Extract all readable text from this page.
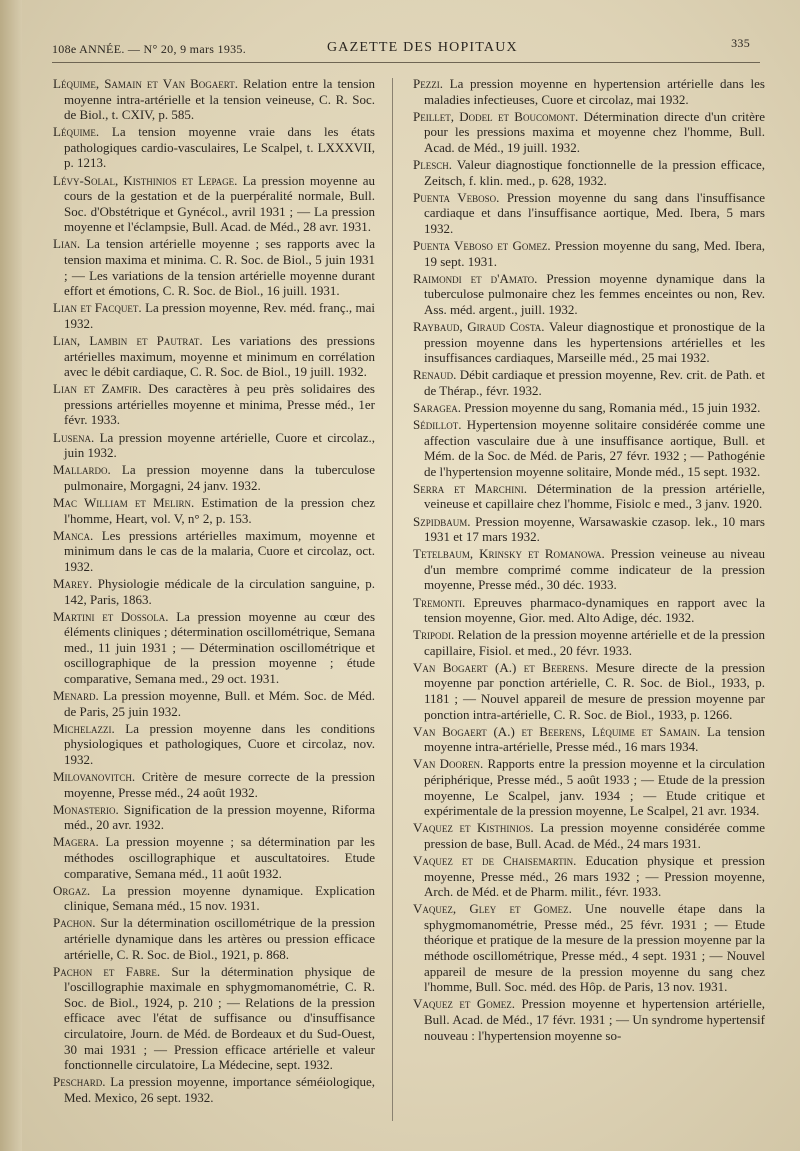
108e ANNÉE. — N° 20, 9 mars 1935.	GAZETTE DES HOPITAUX	335

Léquime, Samain et Van Bogaert. Relation entre la tension moyenne intra-artérielle et la tension veineuse, C. R. Soc. de Biol., t. CXIV, p. 585.

Léquime. La tension moyenne vraie dans les états pathologiques cardio-vasculaires, Le Scalpel, t. LXXXVII, p. 1213.

Lévy-Solal, Kisthinios et Lepage. La pression moyenne au cours de la gestation et de la puerpéralité normale, Bull. Soc. d'Obstétrique et Gynécol., avril 1931 ; — La pression moyenne et l'éclampsie, Bull. Acad. de Méd., 28 avr. 1931.

Lian. La tension artérielle moyenne ; ses rapports avec la tension maxima et minima. C. R. Soc. de Biol., 5 juin 1931 ; — Les variations de la tension artérielle moyenne durant effort et émotions, C. R. Soc. de Biol., 16 juill. 1931.

Lian et Facquet. La pression moyenne, Rev. méd. franç., mai 1932.

Lian, Lambin et Pautrat. Les variations des pressions artérielles maximum, moyenne et minimum en corrélation avec le débit cardiaque, C. R. Soc. de Biol., 19 juill. 1932.

Lian et Zamfir. Des caractères à peu près solidaires des pressions artérielles moyenne et minima, Presse méd., 1er févr. 1933.

Lusena. La pression moyenne artérielle, Cuore et circolaz., juin 1932.

Mallardo. La pression moyenne dans la tuberculose pulmonaire, Morgagni, 24 janv. 1932.

Mac William et Melirn. Estimation de la pression chez l'homme, Heart, vol. V, n° 2, p. 153.

Manca. Les pressions artérielles maximum, moyenne et minimum dans le cas de la malaria, Cuore et circolaz, oct. 1932.

Marey. Physiologie médicale de la circulation sanguine, p. 142, Paris, 1863.

Martini et Dossola. La pression moyenne au cœur des éléments cliniques ; détermination oscillométrique, Semana med., 11 juin 1931 ; — Détermination oscillométrique et oscillographique de la pression moyenne ; étude comparative, Semana med., 29 oct. 1931.

Menard. La pression moyenne, Bull. et Mém. Soc. de Méd. de Paris, 25 juin 1932.

Michelazzi. La pression moyenne dans les conditions physiologiques et pathologiques, Cuore et circolaz, nov. 1932.

Milovanovitch. Critère de mesure correcte de la pression moyenne, Presse méd., 24 août 1932.

Monasterio. Signification de la pression moyenne, Riforma méd., 20 avr. 1932.

Magera. La pression moyenne ; sa détermination par les méthodes oscillographique et auscultatoires. Etude comparative, Semana méd., 11 août 1932.

Orgaz. La pression moyenne dynamique. Explication clinique, Semana méd., 15 nov. 1931.

Pachon. Sur la détermination oscillométrique de la pression artérielle dynamique dans les artères ou pression efficace artérielle, C. R. Soc. de Biol., 1921, p. 868.

Pachon et Fabre. Sur la détermination physique de l'oscillographie maximale en sphygmomanométrie, C. R. Soc. de Biol., 1924, p. 210 ; — Relations de la pression efficace avec l'état de suffisance ou d'insuffisance circulatoire, Journ. de Méd. de Bordeaux et du Sud-Ouest, 30 mai 1931 ; — Pression efficace artérielle et valeur fonctionnelle circulatoire, La Médecine, sept. 1932.

Peschard. La pression moyenne, importance séméiologique, Med. Mexico, 26 sept. 1932.

Pezzi. La pression moyenne en hypertension artérielle dans les maladies infectieuses, Cuore et circolaz, mai 1932.

Peillet, Dodel et Boucomont. Détermination directe d'un critère pour les pressions maxima et moyenne chez l'homme, Bull. Acad. de Méd., 19 juill. 1932.

Plesch. Valeur diagnostique fonctionnelle de la pression efficace, Zeitsch, f. klin. med., p. 628, 1932.

Puenta Veboso. Pression moyenne du sang dans l'insuffisance cardiaque et dans l'insuffisance aortique, Med. Ibera, 5 mars 1932.

Puenta Veboso et Gomez. Pression moyenne du sang, Med. Ibera, 19 sept. 1931.

Raimondi et d'Amato. Pression moyenne dynamique dans la tuberculose pulmonaire chez les femmes enceintes ou non, Rev. Ass. méd. argent., juill. 1932.

Raybaud, Giraud Costa. Valeur diagnostique et pronostique de la pression moyenne dans les hypertensions artérielles et les insuffisances cardiaques, Marseille méd., 25 mai 1932.

Renaud. Débit cardiaque et pression moyenne, Rev. crit. de Path. et de Thérap., févr. 1932.

Saragea. Pression moyenne du sang, Romania méd., 15 juin 1932.

Sédillot. Hypertension moyenne solitaire considérée comme une affection vasculaire due à une insuffisance aortique, Bull. et Mém. de la Soc. de Méd. de Paris, 27 févr. 1932 ; — Pathogénie de l'hypertension moyenne solitaire, Monde méd., 15 sept. 1932.

Serra et Marchini. Détermination de la pression artérielle, veineuse et capillaire chez l'homme, Fisiolc e med., 3 janv. 1920.

Szpidbaum. Pression moyenne, Warsawaskie czasop. lek., 10 mars 1931 et 17 mars 1932.

Tetelbaum, Krinsky et Romanowa. Pression veineuse au niveau d'un membre comprimé comme indicateur de la pression moyenne, Presse méd., 30 déc. 1933.

Tremonti. Epreuves pharmaco-dynamiques en rapport avec la tension moyenne, Gior. med. Alto Adige, déc. 1932.

Tripodi. Relation de la pression moyenne artérielle et de la pression capillaire, Fisiol. et med., 20 févr. 1933.

Van Bogaert (A.) et Beerens. Mesure directe de la pression moyenne par ponction artérielle, C. R. Soc. de Biol., 1933, p. 1181 ; — Nouvel appareil de mesure de pression moyenne par ponction intra-artérielle, C. R. Soc. de Biol., 1933, p. 1266.

Van Bogaert (A.) et Beerens, Léquime et Samain. La tension moyenne intra-artérielle, Presse méd., 16 mars 1934.

Van Dooren. Rapports entre la pression moyenne et la circulation périphérique, Presse méd., 5 août 1933 ; — Etude de la pression moyenne, Le Scalpel, janv. 1934 ; — Etude critique et expérimentale de la pression moyenne, Le Scalpel, 21 avr. 1934.

Vaquez et Kisthinios. La pression moyenne considérée comme pression de base, Bull. Acad. de Méd., 24 mars 1931.

Vaquez et de Chaisemartin. Education physique et pression moyenne, Presse méd., 26 mars 1932 ; — Pression moyenne, Arch. de Méd. et de Pharm. milit., févr. 1933.

Vaquez, Gley et Gomez. Une nouvelle étape dans la sphygmomanométrie, Presse méd., 25 févr. 1931 ; — Etude théorique et pratique de la mesure de la pression moyenne par la méthode oscillométrique, Presse méd., 4 sept. 1931 ; — Nouvel appareil de mesure de la pression moyenne du sang chez l'homme, Bull. Soc. méd. des Hôp. de Paris, 13 nov. 1931.

Vaquez et Gomez. Pression moyenne et hypertension artérielle, Bull. Acad. de Méd., 17 févr. 1931 ; — Un syndrome hypertensif nouveau : l'hypertension moyenne so-
